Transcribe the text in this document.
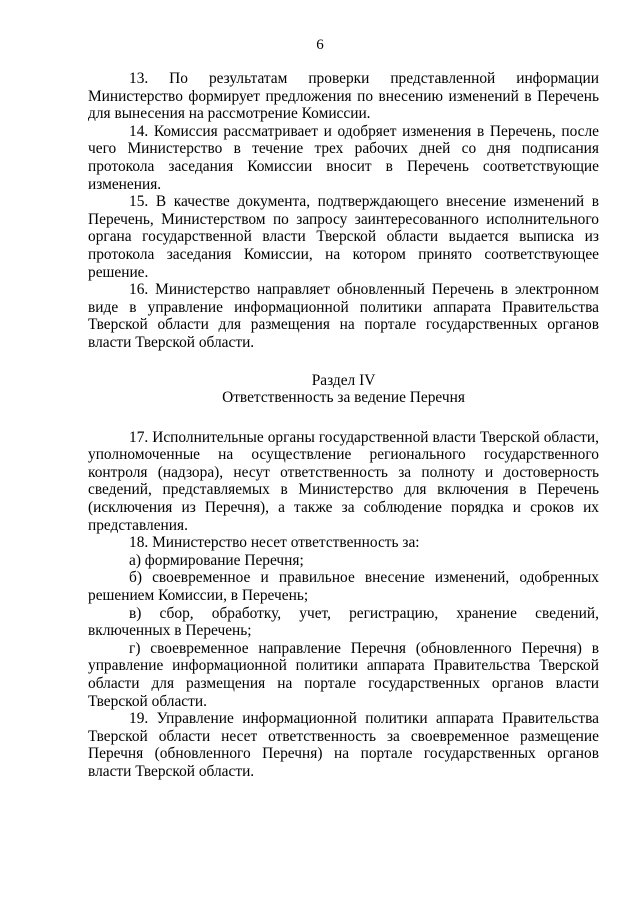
6

13. По результатам проверки представленной информации Министерство формирует предложения по внесению изменений в Перечень для вынесения на рассмотрение Комиссии.

14. Комиссия рассматривает и одобряет изменения в Перечень, после чего Министерство в течение трех рабочих дней со дня подписания протокола заседания Комиссии вносит в Перечень соответствующие изменения.

15. В качестве документа, подтверждающего внесение изменений в Перечень, Министерством по запросу заинтересованного исполнительного органа государственной власти Тверской области выдается выписка из протокола заседания Комиссии, на котором принято соответствующее решение.

16. Министерство направляет обновленный Перечень в электронном виде в управление информационной политики аппарата Правительства Тверской области для размещения на портале государственных органов власти Тверской области.

Раздел IV

Ответственность за ведение Перечня

17. Исполнительные органы государственной власти Тверской области, уполномоченные на осуществление регионального государственного контроля (надзора), несут ответственность за полноту и достоверность сведений, представляемых в Министерство для включения в Перечень (исключения из Перечня), а также за соблюдение порядка и сроков их представления.

18. Министерство несет ответственность за:

а) формирование Перечня;

б) своевременное и правильное внесение изменений, одобренных решением Комиссии, в Перечень;

в) сбор, обработку, учет, регистрацию, хранение сведений, включенных в Перечень;

г) своевременное направление Перечня (обновленного Перечня) в управление информационной политики аппарата Правительства Тверской области для размещения на портале государственных органов власти Тверской области.

19. Управление информационной политики аппарата Правительства Тверской области несет ответственность за своевременное размещение Перечня (обновленного Перечня) на портале государственных органов власти Тверской области.
